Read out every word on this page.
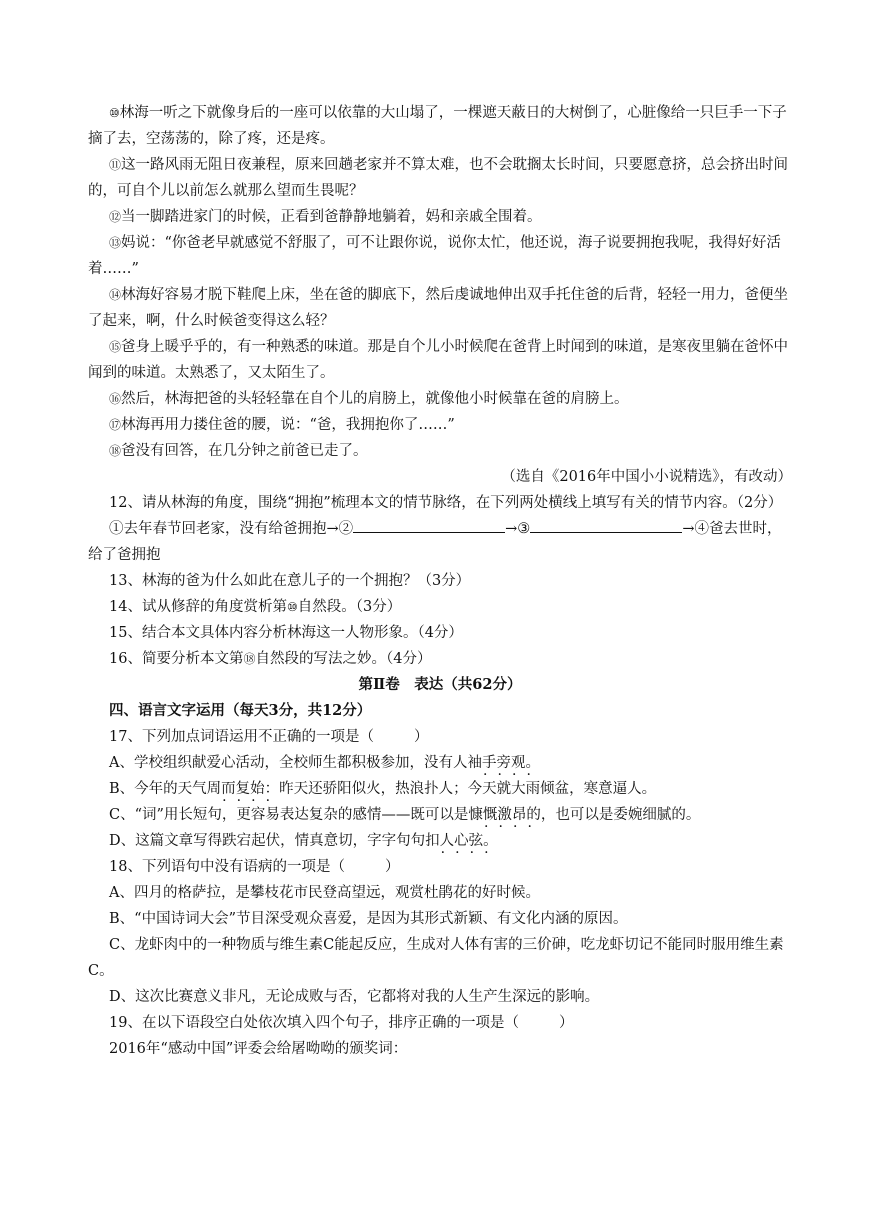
⑩林海一听之下就像身后的一座可以依靠的大山塌了，一棵遮天蔽日的大树倒了，心脏像给一只巨手一下子摘了去，空荡荡的，除了疼，还是疼。

⑪这一路风雨无阻日夜兼程，原来回趟老家并不算太难，也不会耽搁太长时间，只要愿意挤，总会挤出时间的，可自个儿以前怎么就那么望而生畏呢？

⑫当一脚踏进家门的时候，正看到爸静静地躺着，妈和亲戚全围着。

⑬妈说：“你爸老早就感觉不舒服了，可不让跟你说，说你太忙，他还说，海子说要拥抱我呢，我得好好活着……”

⑭林海好容易才脱下鞋爬上床，坐在爸的脚底下，然后虔诚地伸出双手托住爸的后背，轻轻一用力，爸便坐了起来，啊，什么时候爸变得这么轻？

⑮爸身上暖乎乎的，有一种熟悉的味道。那是自个儿小时候爬在爸背上时闻到的味道，是寒夜里躺在爸怀中闻到的味道。太熟悉了，又太陌生了。

⑯然后，林海把爸的头轻轻靠在自个儿的肩膀上，就像他小时候靠在爸的肩膀上。

⑰林海再用力搂住爸的腰，说：“爸，我拥抱你了……”

⑱爸没有回答，在几分钟之前爸已走了。

（选自《2016年中国小小说精选》，有改动）

12、请从林海的角度，围绕“拥抱”梳理本文的情节脉络，在下列两处横线上填写有关的情节内容。（2分）

①去年春节回老家，没有给爸拥抱→②	→③	→④爸去世时，给了爸拥抱

13、林海的爸为什么如此在意儿子的一个拥抱？（3分）

14、试从修辞的角度赏析第⑩自然段。（3分）

15、结合本文具体内容分析林海这一人物形象。（4分）

16、简要分析本文第⑱自然段的写法之妙。（4分）

第Ⅱ卷　表达（共62分）

四、语言文字运用（每天3分，共12分）

17、下列加点词语运用不正确的一项是（	）

A、学校组织献爱心活动，全校师生都积极参加，没有人袖手旁观。

B、今年的天气周而复始：昨天还骄阳似火，热浪扑人；今天就大雨倾盆，寒意逼人。

C、“词”用长短句，更容易表达复杂的感情——既可以是慷慨激昂的，也可以是委婉细腻的。

D、这篇文章写得跌宕起伏，情真意切，字字句句扣人心弦。

18、下列语句中没有语病的一项是（	）

A、四月的格萨拉，是攀枝花市民登高望远，观赏杜鹃花的好时候。

B、“中国诗词大会”节目深受观众喜爱，是因为其形式新颖、有文化内涵的原因。

C、龙虾肉中的一种物质与维生素C能起反应，生成对人体有害的三价砷，吃龙虾切记不能同时服用维生素C。

D、这次比赛意义非凡，无论成败与否，它都将对我的人生产生深远的影响。

19、在以下语段空白处依次填入四个句子，排序正确的一项是（	）

2016年“感动中国”评委会给屠呦呦的颁奖词：
